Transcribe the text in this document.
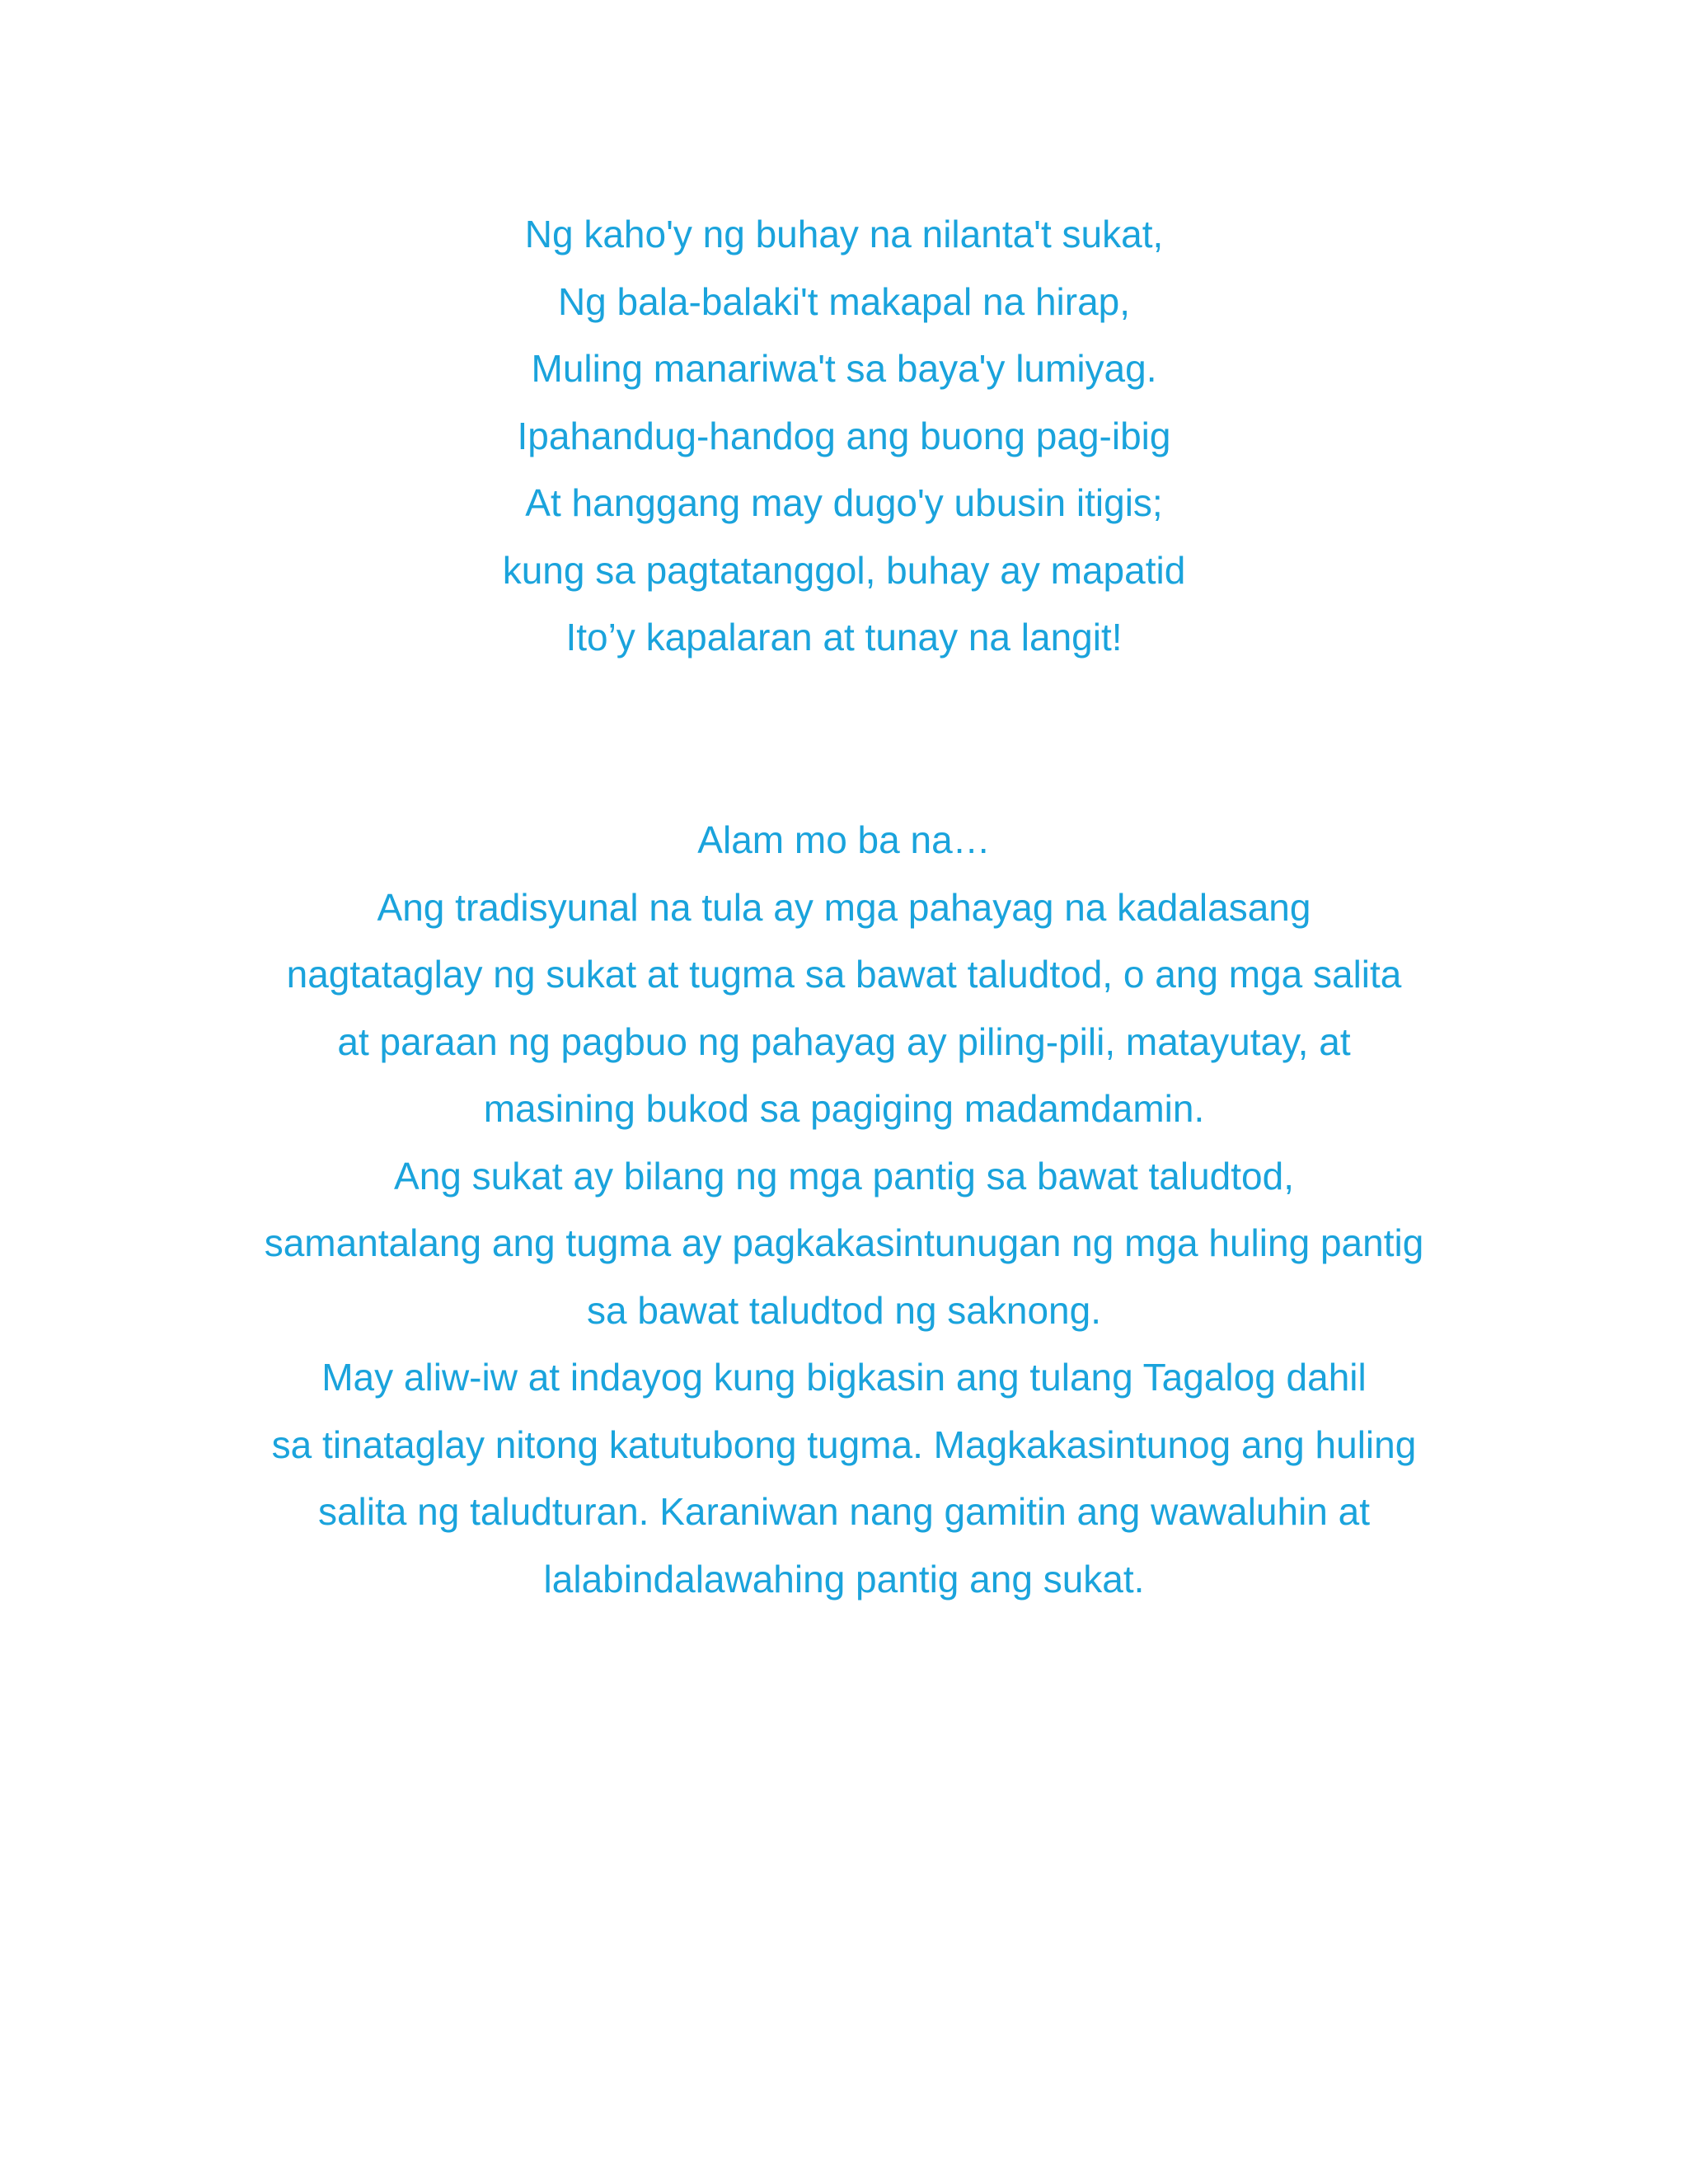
Ng kaho'y ng buhay na nilanta't sukat,
Ng bala-balaki't makapal na hirap,
Muling manariwa't sa baya'y lumiyag.
Ipahandug-handog ang buong pag-ibig
At hanggang may dugo'y ubusin itigis;
kung sa pagtatanggol, buhay ay mapatid
Ito’y kapalaran at tunay na langit!
Alam mo ba na…
Ang tradisyunal na tula ay mga pahayag na kadalasang
nagtataglay ng sukat at tugma sa bawat taludtod, o ang mga salita
at paraan ng pagbuo ng pahayag ay piling-pili, matayutay, at
masining bukod sa pagiging madamdamin.
Ang sukat ay bilang ng mga pantig sa bawat taludtod,
samantalang ang tugma ay pagkakasintunugan ng mga huling pantig
sa bawat taludtod ng saknong.
May aliw-iw at indayog kung bigkasin ang tulang Tagalog dahil
sa tinataglay nitong katutubong tugma. Magkakasintunog ang huling
salita ng taludturan. Karaniwan nang gamitin ang wawaluhin at
lalabindalawahing pantig ang sukat.
